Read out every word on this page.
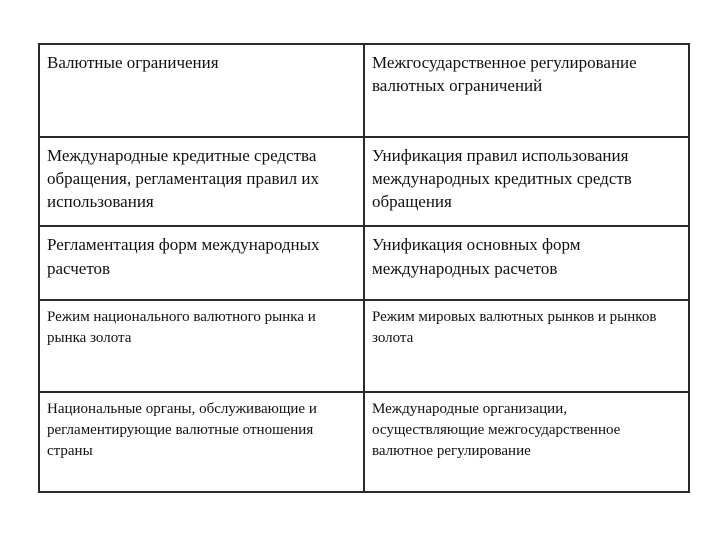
Валютные ограничения	Межгосударственное регулирование валютных ограничений

Международные кредитные средства обращения, регламентация правил их использования	Унификация правил использования международных кредитных средств обращения

Регламентация форм международных расчетов	Унификация основных форм международных расчетов

Режим национального валютного рынка и рынка золота	Режим мировых валютных рынков и рынков золота

Национальные органы, обслуживающие и регламентирующие валютные отношения страны	Международные организации, осуществляющие межгосударственное валютное регулирование
